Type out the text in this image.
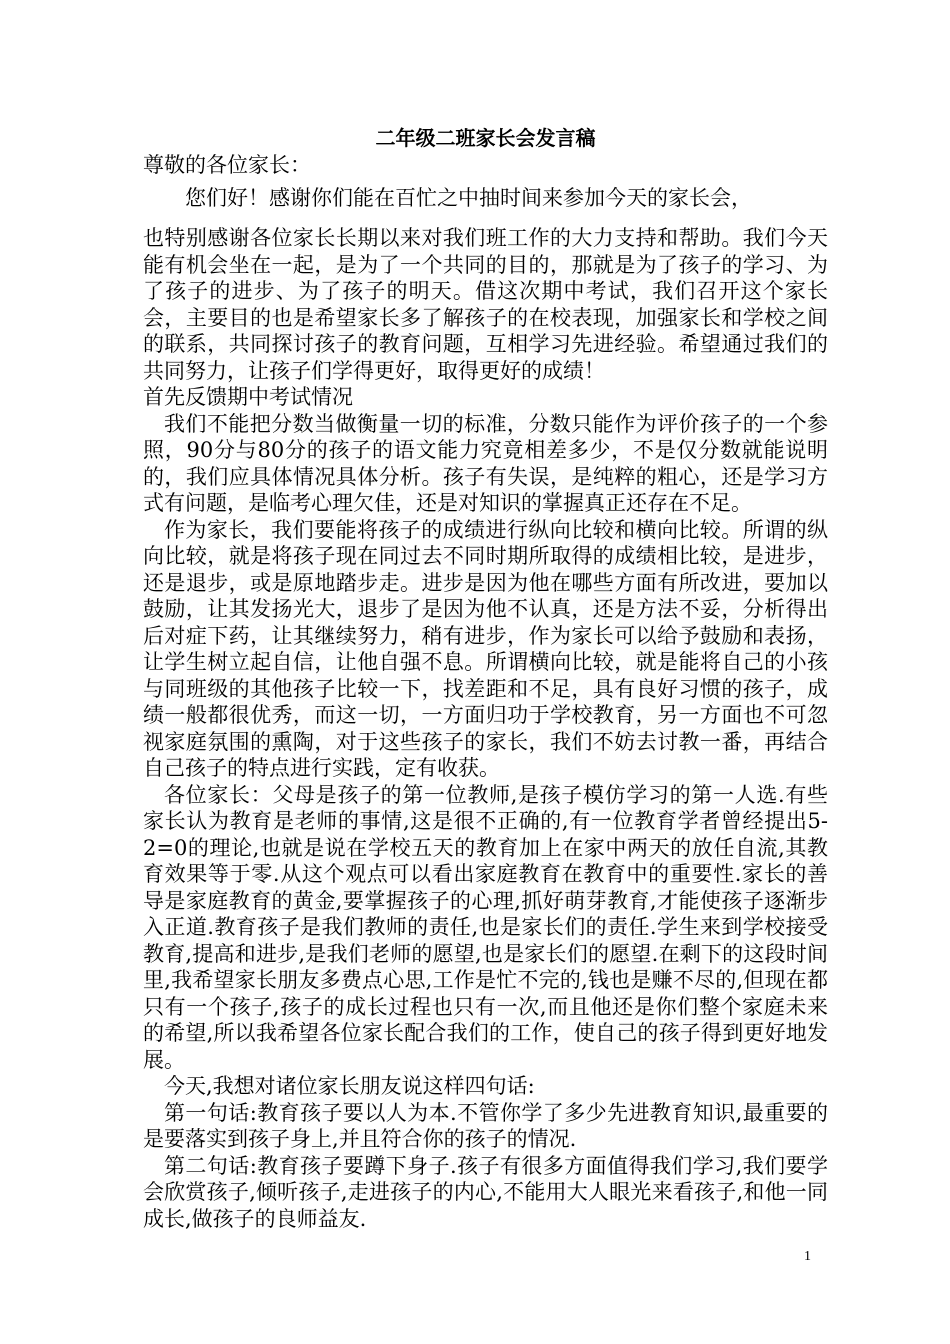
二年级二班家长会发言稿

尊敬的各位家长：

您们好！感谢你们能在百忙之中抽时间来参加今天的家长会，

也特别感谢各位家长长期以来对我们班工作的大力支持和帮助。我们今天能有机会坐在一起，是为了一个共同的目的，那就是为了孩子的学习、为了孩子的进步、为了孩子的明天。借这次期中考试，我们召开这个家长会，主要目的也是希望家长多了解孩子的在校表现，加强家长和学校之间的联系，共同探讨孩子的教育问题，互相学习先进经验。希望通过我们的共同努力，让孩子们学得更好，取得更好的成绩！

首先反馈期中考试情况

我们不能把分数当做衡量一切的标准，分数只能作为评价孩子的一个参照，90分与80分的孩子的语文能力究竟相差多少，不是仅分数就能说明的，我们应具体情况具体分析。孩子有失误，是纯粹的粗心，还是学习方式有问题，是临考心理欠佳，还是对知识的掌握真正还存在不足。

作为家长，我们要能将孩子的成绩进行纵向比较和横向比较。所谓的纵向比较，就是将孩子现在同过去不同时期所取得的成绩相比较，是进步，还是退步，或是原地踏步走。进步是因为他在哪些方面有所改进，要加以鼓励，让其发扬光大，退步了是因为他不认真，还是方法不妥，分析得出后对症下药，让其继续努力，稍有进步，作为家长可以给予鼓励和表扬，让学生树立起自信，让他自强不息。所谓横向比较，就是能将自己的小孩与同班级的其他孩子比较一下，找差距和不足，具有良好习惯的孩子，成绩一般都很优秀，而这一切，一方面归功于学校教育，另一方面也不可忽视家庭氛围的熏陶，对于这些孩子的家长，我们不妨去讨教一番，再结合自己孩子的特点进行实践，定有收获。

各位家长：父母是孩子的第一位教师,是孩子模仿学习的第一人选.有些家长认为教育是老师的事情,这是很不正确的,有一位教育学者曾经提出5- 2=0的理论,也就是说在学校五天的教育加上在家中两天的放任自流,其教育效果等于零.从这个观点可以看出家庭教育在教育中的重要性.家长的善导是家庭教育的黄金,要掌握孩子的心理,抓好萌芽教育,才能使孩子逐渐步入正道.教育孩子是我们教师的责任,也是家长们的责任.学生来到学校接受教育,提高和进步,是我们老师的愿望,也是家长们的愿望.在剩下的这段时间里,我希望家长朋友多费点心思,工作是忙不完的,钱也是赚不尽的,但现在都只有一个孩子,孩子的成长过程也只有一次,而且他还是你们整个家庭未来的希望,所以我希望各位家长配合我们的工作，使自己的孩子得到更好地发展。

今天,我想对诸位家长朋友说这样四句话:

第一句话:教育孩子要以人为本.不管你学了多少先进教育知识,最重要的是要落实到孩子身上,并且符合你的孩子的情况.

第二句话:教育孩子要蹲下身子.孩子有很多方面值得我们学习,我们要学会欣赏孩子,倾听孩子,走进孩子的内心,不能用大人眼光来看孩子,和他一同成长,做孩子的良师益友.

1
